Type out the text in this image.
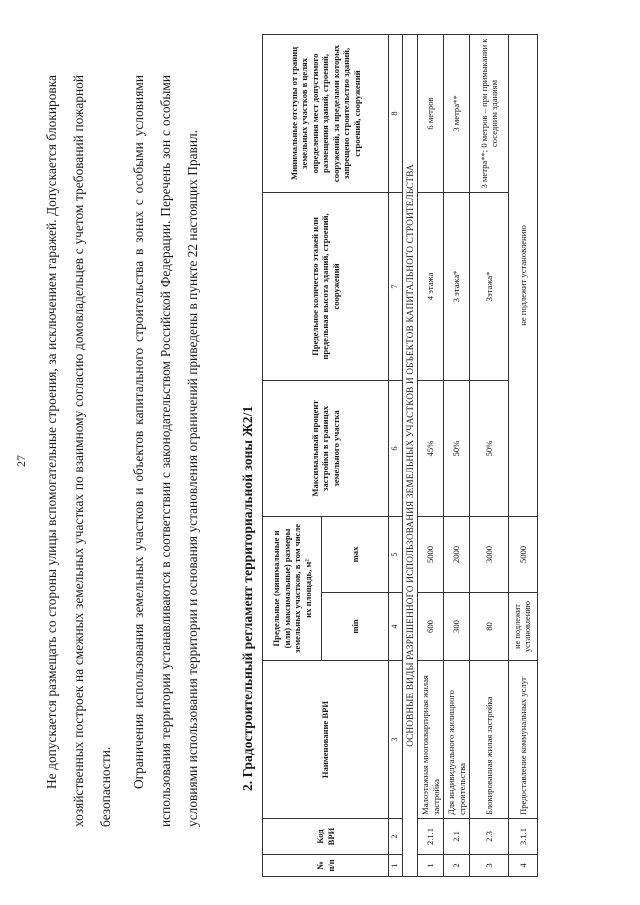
27	Не допускается размещать со стороны улицы вспомогательные строения, за исключением гаражей. Допускается блокировка хозяйственных построек на смежных земельных участках по взаимному согласию домовладельцев с учетом требований пожарной безопасности.	Ограничения использования земельных участков и объектов капитального строительства в зонах с особыми условиями использования территории устанавливаются в соответствии с законодательством Российской Федерации. Перечень зон с особыми условиями использования территории и основания установления ограничений приведены в пункте 22 настоящих Правил.	2. Градостроительный регламент территориальной зоны Ж2/1
№ п/п	Код ВРИ	Наименование ВРИ	Предельные (минимальные и (или) максимальные) размеры земельных участков, в том числе их площадь, м²		Максимальный процент застройки в границах земельного участка	Предельное количество этажей или предельная высота зданий, строений, сооружений	Минимальные отступы от границ земельных участков в целях определения мест допустимого размещения зданий, строений, сооружений, за пределами которых запрещено строительство зданий, строений, сооружений
			min	max			
1	2	3	4	5	6	7	8
ОСНОВНЫЕ ВИДЫ РАЗРЕШЕННОГО ИСПОЛЬЗОВАНИЯ ЗЕМЕЛЬНЫХ УЧАСТКОВ И ОБЪЕКТОВ КАПИТАЛЬНОГО СТРОИТЕЛЬСТВА							
1	2.1.1	Малоэтажная многоквартирная жилая застройка	600	5000	45%	4 этажа	6 метров
2	2.1	Для индивидуального жилищного строительства	300	2000	50%	3 этажа*	3 метра**
3	2.3	Блокированная жилая застройка	80	3000	50%	3этажа*	3 метра**; 0 метров – при примыкании к соседним зданиям
4	3.1.1	Предоставление коммунальных услуг	не подлежит установлению	5000	не подлежит установлению		
